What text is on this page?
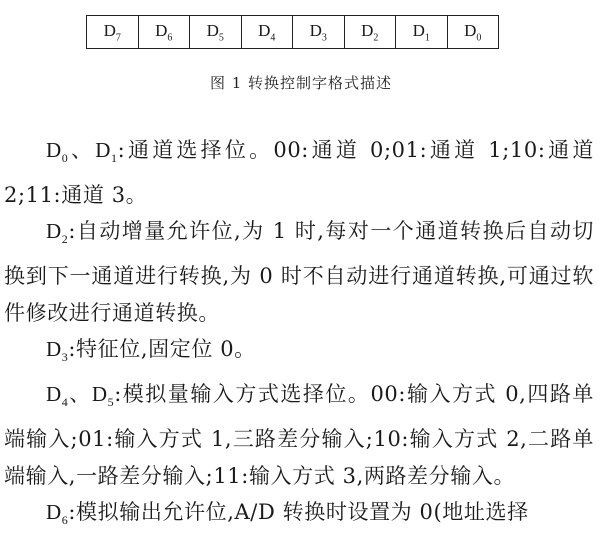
$D_7$	$D_6$	$D_5$	$D_4$	$D_3$	$D_2$	$D_1$	$D_0$
图 1 转换控制字格式描述

$D_0$、$D_1$:通道选择位。00:通道 0;01:通道 1;10:通道 2;11:通道 3。

$D_2$:自动增量允许位,为 1 时,每对一个通道转换后自动切换到下一通道进行转换,为 0 时不自动进行通道转换,可通过软件修改进行通道转换。

$D_3$:特征位,固定位 0。

$D_4$、$D_5$:模拟量输入方式选择位。00:输入方式 0,四路单端输入;01:输入方式 1,三路差分输入;10:输入方式 2,二路单端输入,一路差分输入;11:输入方式 3,两路差分输入。

$D_6$:模拟输出允许位,A/D 转换时设置为 0(地址选择
